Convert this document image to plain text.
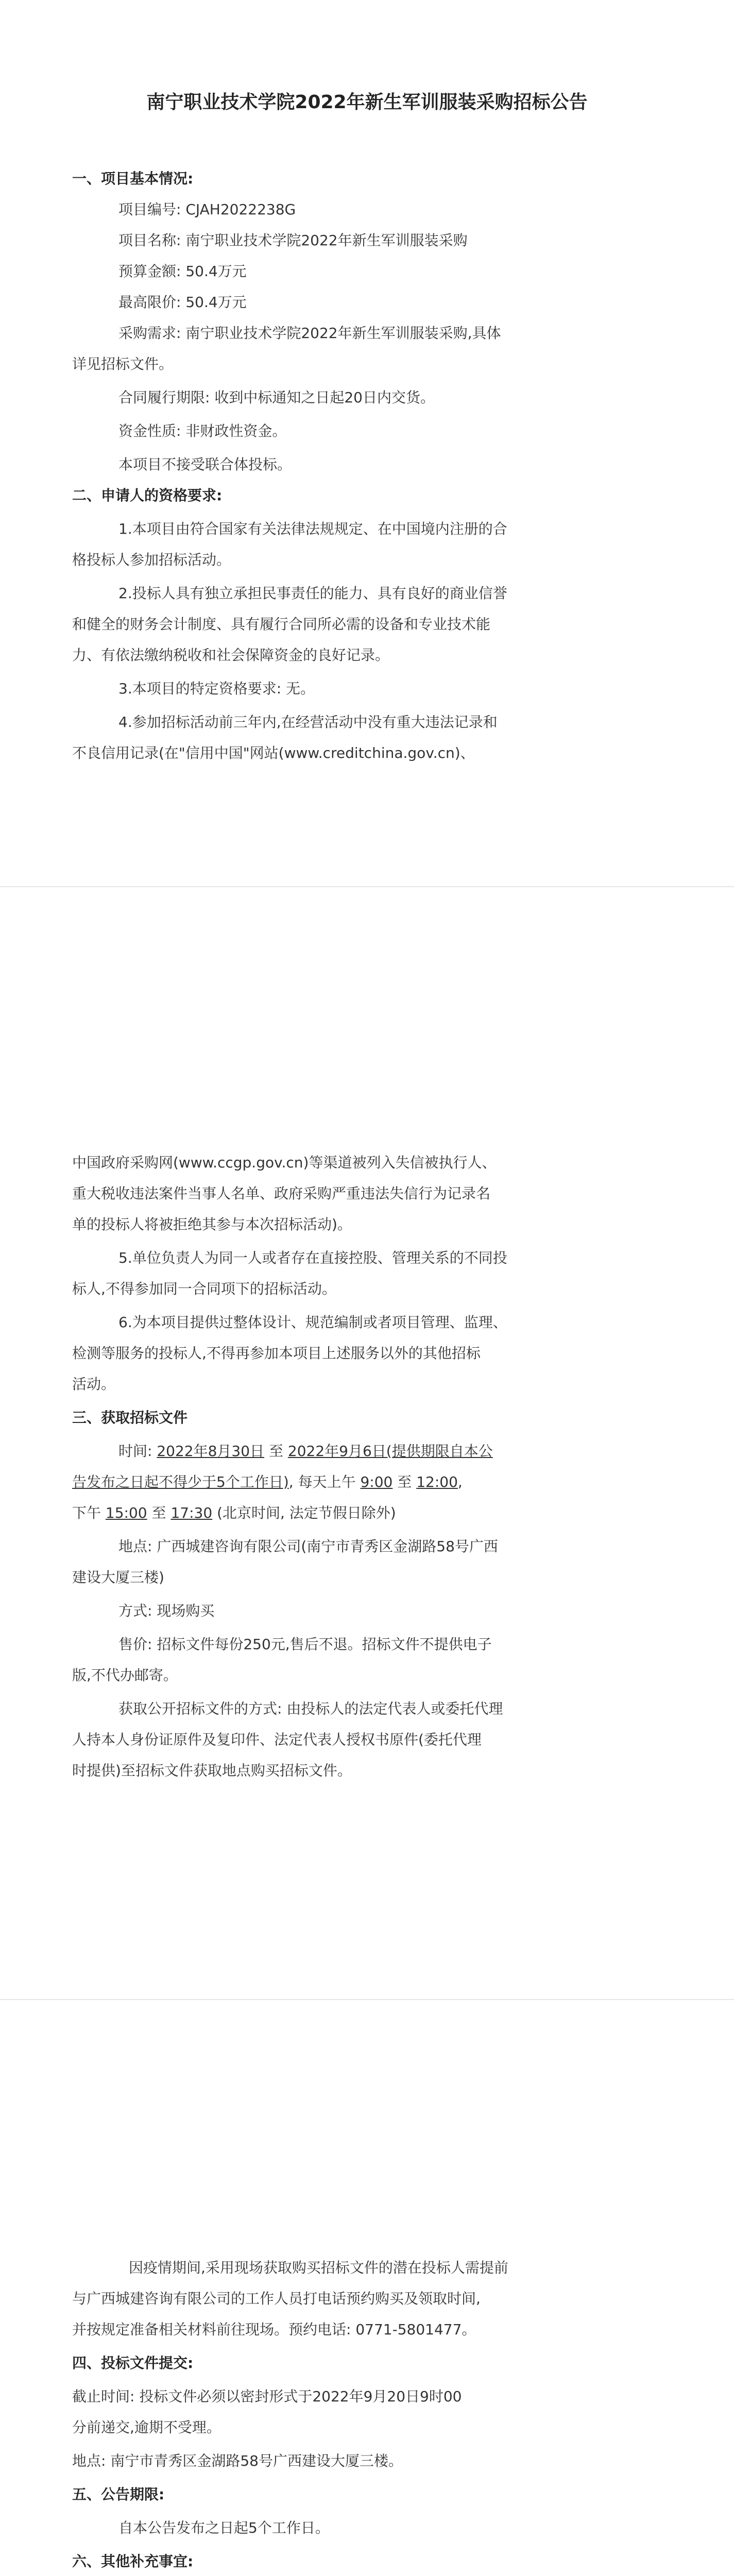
南宁职业技术学院2022年新生军训服装采购招标公告
一、项目基本情况:
项目编号: CJAH2022238G
项目名称: 南宁职业技术学院2022年新生军训服装采购
预算金额: 50.4万元
最高限价: 50.4万元
采购需求: 南宁职业技术学院2022年新生军训服装采购,具体
详见招标文件。
合同履行期限: 收到中标通知之日起20日内交货。
资金性质: 非财政性资金。
本项目不接受联合体投标。
二、申请人的资格要求:
1.本项目由符合国家有关法律法规规定、在中国境内注册的合
格投标人参加招标活动。
2.投标人具有独立承担民事责任的能力、具有良好的商业信誉
和健全的财务会计制度、具有履行合同所必需的设备和专业技术能
力、有依法缴纳税收和社会保障资金的良好记录。
3.本项目的特定资格要求: 无。
4.参加招标活动前三年内,在经营活动中没有重大违法记录和
不良信用记录(在"信用中国"网站(www.creditchina.gov.cn)、
中国政府采购网(www.ccgp.gov.cn)等渠道被列入失信被执行人、
重大税收违法案件当事人名单、政府采购严重违法失信行为记录名
单的投标人将被拒绝其参与本次招标活动)。
5.单位负责人为同一人或者存在直接控股、管理关系的不同投
标人,不得参加同一合同项下的招标活动。
6.为本项目提供过整体设计、规范编制或者项目管理、监理、
检测等服务的投标人,不得再参加本项目上述服务以外的其他招标
活动。
三、获取招标文件
时间: 2022年8月30日 至 2022年9月6日(提供期限自本公
告发布之日起不得少于5个工作日), 每天上午 9:00 至 12:00,
下午 15:00 至 17:30 (北京时间, 法定节假日除外)
地点: 广西城建咨询有限公司(南宁市青秀区金湖路58号广西
建设大厦三楼)
方式: 现场购买
售价: 招标文件每份250元,售后不退。招标文件不提供电子
版,不代办邮寄。
获取公开招标文件的方式: 由投标人的法定代表人或委托代理
人持本人身份证原件及复印件、法定代表人授权书原件(委托代理
时提供)至招标文件获取地点购买招标文件。
因疫情期间,采用现场获取购买招标文件的潜在投标人需提前
与广西城建咨询有限公司的工作人员打电话预约购买及领取时间,
并按规定准备相关材料前往现场。预约电话: 0771-5801477。
四、投标文件提交:
截止时间: 投标文件必须以密封形式于2022年9月20日9时00
分前递交,逾期不受理。
地点: 南宁市青秀区金湖路58号广西建设大厦三楼。
五、公告期限:
自本公告发布之日起5个工作日。
六、其他补充事宜:
